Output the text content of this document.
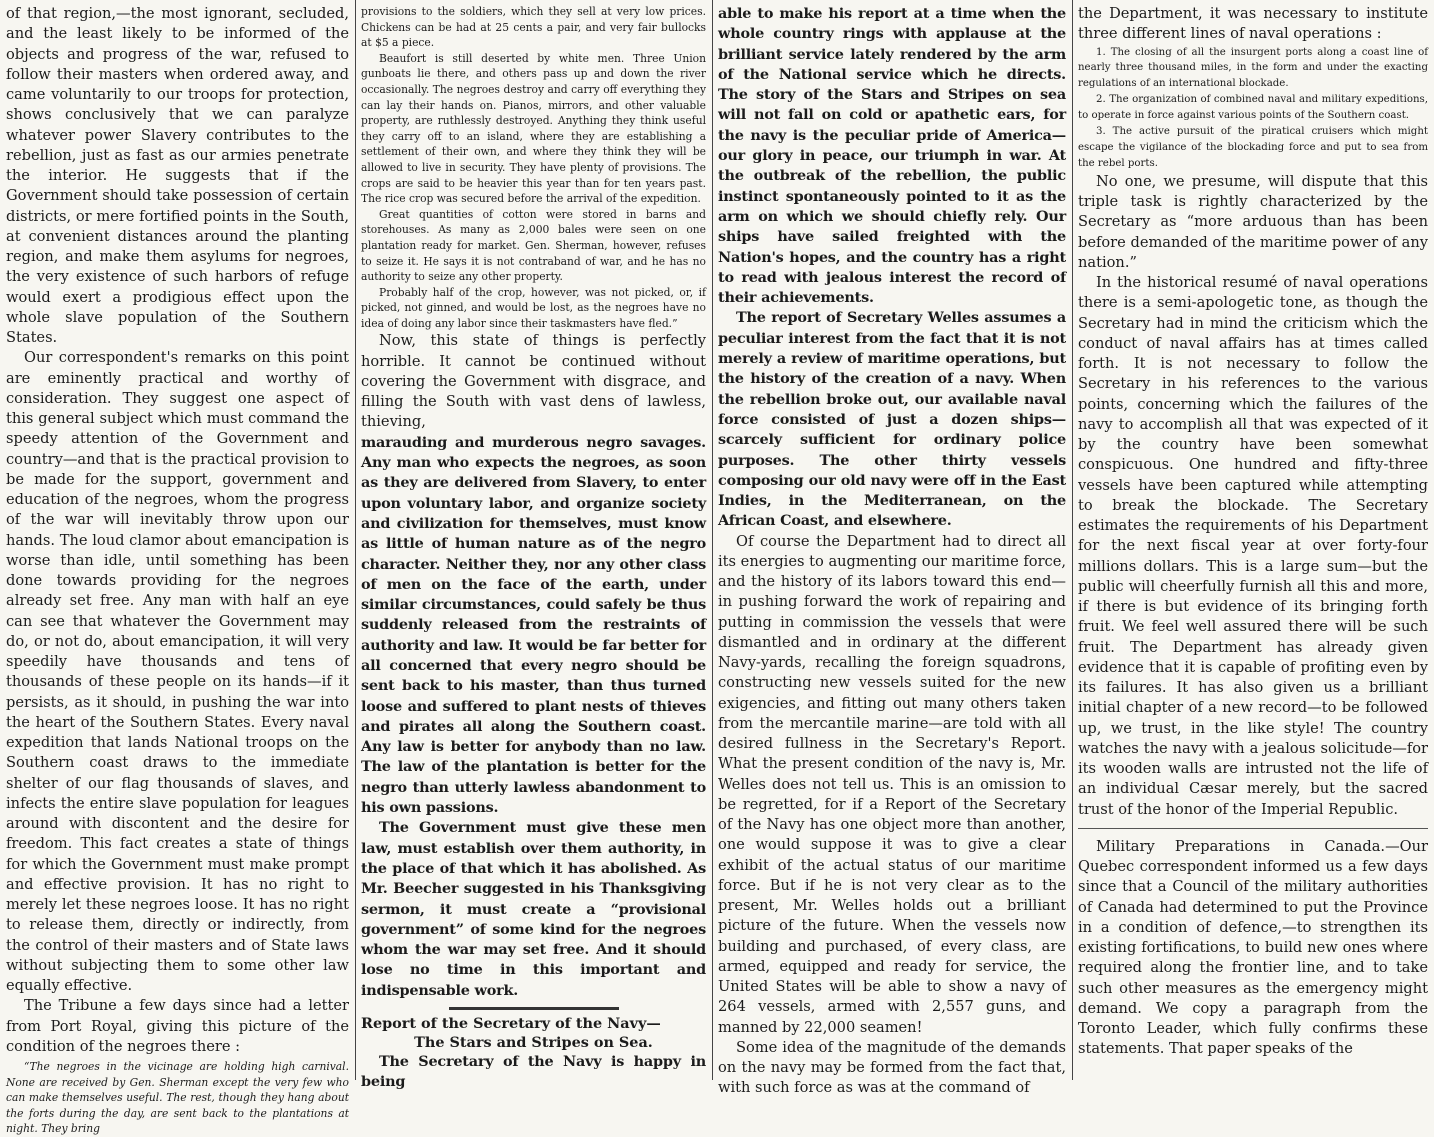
of that region,—the most ignorant, secluded, and the least likely to be informed of the objects and progress of the war, refused to follow their masters when ordered away, and came voluntarily to our troops for protection, shows conclusively that we can paralyze whatever power Slavery contributes to the rebellion, just as fast as our armies penetrate the interior. He suggests that if the Government should take possession of certain districts, or mere fortified points in the South, at convenient distances around the planting region, and make them asylums for negroes, the very existence of such harbors of refuge would exert a prodigious effect upon the whole slave population of the Southern States.

Our correspondent's remarks on this point are eminently practical and worthy of consideration. They suggest one aspect of this general subject which must command the speedy attention of the Government and country—and that is the practical provision to be made for the support, government and education of the negroes, whom the progress of the war will inevitably throw upon our hands. The loud clamor about emancipation is worse than idle, until something has been done towards providing for the negroes already set free. Any man with half an eye can see that whatever the Government may do, or not do, about emancipation, it will very speedily have thousands and tens of thousands of these people on its hands—if it persists, as it should, in pushing the war into the heart of the Southern States. Every naval expedition that lands National troops on the Southern coast draws to the immediate shelter of our flag thousands of slaves, and infects the entire slave population for leagues around with discontent and the desire for freedom. This fact creates a state of things for which the Government must make prompt and effective provision. It has no right to merely let these negroes loose. It has no right to release them, directly or indirectly, from the control of their masters and of State laws without subjecting them to some other law equally effective.

The Tribune a few days since had a letter from Port Royal, giving this picture of the condition of the negroes there :

“The negroes in the vicinage are holding high carnival. None are received by Gen. Sherman except the very few who can make themselves useful. The rest, though they hang about the forts during the day, are sent back to the plantations at night. They bring

provisions to the soldiers, which they sell at very low prices. Chickens can be had at 25 cents a pair, and very fair bullocks at $5 a piece.

Beaufort is still deserted by white men. Three Union gunboats lie there, and others pass up and down the river occasionally. The negroes destroy and carry off everything they can lay their hands on. Pianos, mirrors, and other valuable property, are ruthlessly destroyed. Anything they think useful they carry off to an island, where they are establishing a settlement of their own, and where they think they will be allowed to live in security. They have plenty of provisions. The crops are said to be heavier this year than for ten years past. The rice crop was secured before the arrival of the expedition.

Great quantities of cotton were stored in barns and storehouses. As many as 2,000 bales were seen on one plantation ready for market. Gen. Sherman, however, refuses to seize it. He says it is not contraband of war, and he has no authority to seize any other property.

Probably half of the crop, however, was not picked, or, if picked, not ginned, and would be lost, as the negroes have no idea of doing any labor since their taskmasters have fled.”

Now, this state of things is perfectly horrible. It cannot be continued without covering the Government with disgrace, and filling the South with vast dens of lawless, thieving,

marauding and murderous negro savages. Any man who expects the negroes, as soon as they are delivered from Slavery, to enter upon voluntary labor, and organize society and civilization for themselves, must know as little of human nature as of the negro character. Neither they, nor any other class of men on the face of the earth, under similar circumstances, could safely be thus suddenly released from the restraints of authority and law. It would be far better for all concerned that every negro should be sent back to his master, than thus turned loose and suffered to plant nests of thieves and pirates all along the Southern coast. Any law is better for anybody than no law. The law of the plantation is better for the negro than utterly lawless abandonment to his own passions.

The Government must give these men law, must establish over them authority, in the place of that which it has abolished. As Mr. Beecher suggested in his Thanksgiving sermon, it must create a “provisional government” of some kind for the negroes whom the war may set free. And it should lose no time in this important and indispensable work.

Report of the Secretary of the Navy—

The Stars and Stripes on Sea.

The Secretary of the Navy is happy in being

able to make his report at a time when the whole country rings with applause at the brilliant service lately rendered by the arm of the National service which he directs. The story of the Stars and Stripes on sea will not fall on cold or apathetic ears, for the navy is the peculiar pride of America—our glory in peace, our triumph in war. At the outbreak of the rebellion, the public instinct spontaneously pointed to it as the arm on which we should chiefly rely. Our ships have sailed freighted with the Nation's hopes, and the country has a right to read with jealous interest the record of their achievements.

The report of Secretary Welles assumes a peculiar interest from the fact that it is not merely a review of maritime operations, but the history of the creation of a navy. When the rebellion broke out, our available naval force consisted of just a dozen ships—scarcely sufficient for ordinary police purposes. The other thirty vessels composing our old navy were off in the East Indies, in the Mediterranean, on the African Coast, and elsewhere.

Of course the Department had to direct all its energies to augmenting our maritime force, and the history of its labors toward this end—in pushing forward the work of repairing and putting in commission the vessels that were dismantled and in ordinary at the different Navy-yards, recalling the foreign squadrons, constructing new vessels suited for the new exigencies, and fitting out many others taken from the mercantile marine—are told with all desired fullness in the Secretary's Report. What the present condition of the navy is, Mr. Welles does not tell us. This is an omission to be regretted, for if a Report of the Secretary of the Navy has one object more than another, one would suppose it was to give a clear exhibit of the actual status of our maritime force. But if he is not very clear as to the present, Mr. Welles holds out a brilliant picture of the future. When the vessels now building and purchased, of every class, are armed, equipped and ready for service, the United States will be able to show a navy of 264 vessels, armed with 2,557 guns, and manned by 22,000 seamen!

Some idea of the magnitude of the demands on the navy may be formed from the fact that, with such force as was at the command of

the Department, it was necessary to institute three different lines of naval operations :

1. The closing of all the insurgent ports along a coast line of nearly three thousand miles, in the form and under the exacting regulations of an international blockade.

2. The organization of combined naval and military expeditions, to operate in force against various points of the Southern coast.

3. The active pursuit of the piratical cruisers which might escape the vigilance of the blockading force and put to sea from the rebel ports.

No one, we presume, will dispute that this triple task is rightly characterized by the Secretary as “more arduous than has been before demanded of the maritime power of any nation.”

In the historical resumé of naval operations there is a semi-apologetic tone, as though the Secretary had in mind the criticism which the conduct of naval affairs has at times called forth. It is not necessary to follow the Secretary in his references to the various points, concerning which the failures of the navy to accomplish all that was expected of it by the country have been somewhat conspicuous. One hundred and fifty-three vessels have been captured while attempting to break the blockade. The Secretary estimates the requirements of his Department for the next fiscal year at over forty-four millions dollars. This is a large sum—but the public will cheerfully furnish all this and more, if there is but evidence of its bringing forth fruit. We feel well assured there will be such fruit. The Department has already given evidence that it is capable of profiting even by its failures. It has also given us a brilliant initial chapter of a new record—to be followed up, we trust, in the like style! The country watches the navy with a jealous solicitude—for its wooden walls are intrusted not the life of an individual Cæsar merely, but the sacred trust of the honor of the Imperial Republic.

Military Preparations in Canada.—Our Quebec correspondent informed us a few days since that a Council of the military authorities of Canada had determined to put the Province in a condition of defence,—to strengthen its existing fortifications, to build new ones where required along the frontier line, and to take such other measures as the emergency might demand. We copy a paragraph from the Toronto Leader, which fully confirms these statements. That paper speaks of the
